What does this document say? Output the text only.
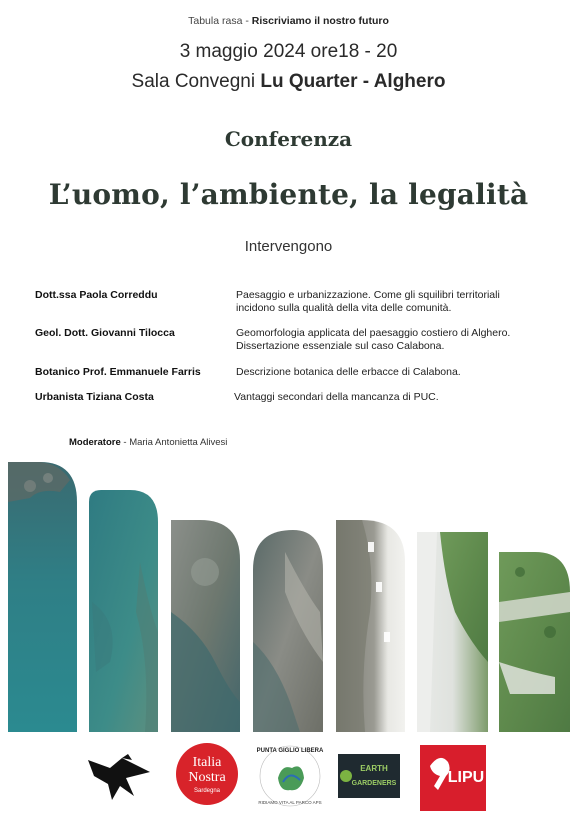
Tabula rasa - Riscriviamo il nostro futuro
3 maggio 2024 ore18 - 20
Sala Convegni Lu Quarter - Alghero
Conferenza
L’uomo, l’ambiente, la legalità
Intervengono
Dott.ssa Paola Correddu	Paesaggio e urbanizzazione. Come gli squilibri territoriali
incidono sulla qualità della vita delle comunità.
Geol. Dott. Giovanni Tilocca	Geomorfologia applicata del paesaggio costiero di Alghero.
Dissertazione essenziale sul caso Calabona.
Botanico Prof. Emmanuele Farris	Descrizione botanica delle erbacce di Calabona.
Urbanista Tiziana Costa	Vantaggi secondari della mancanza di PUC.
Moderatore - Maria Antonietta Alivesi
Italia
Nostra
Sardegna
PUNTA GIGLIO LIBERA
RIDIAMO VITA AL PARCO APS
EARTH
GARDENERS	LIPU
